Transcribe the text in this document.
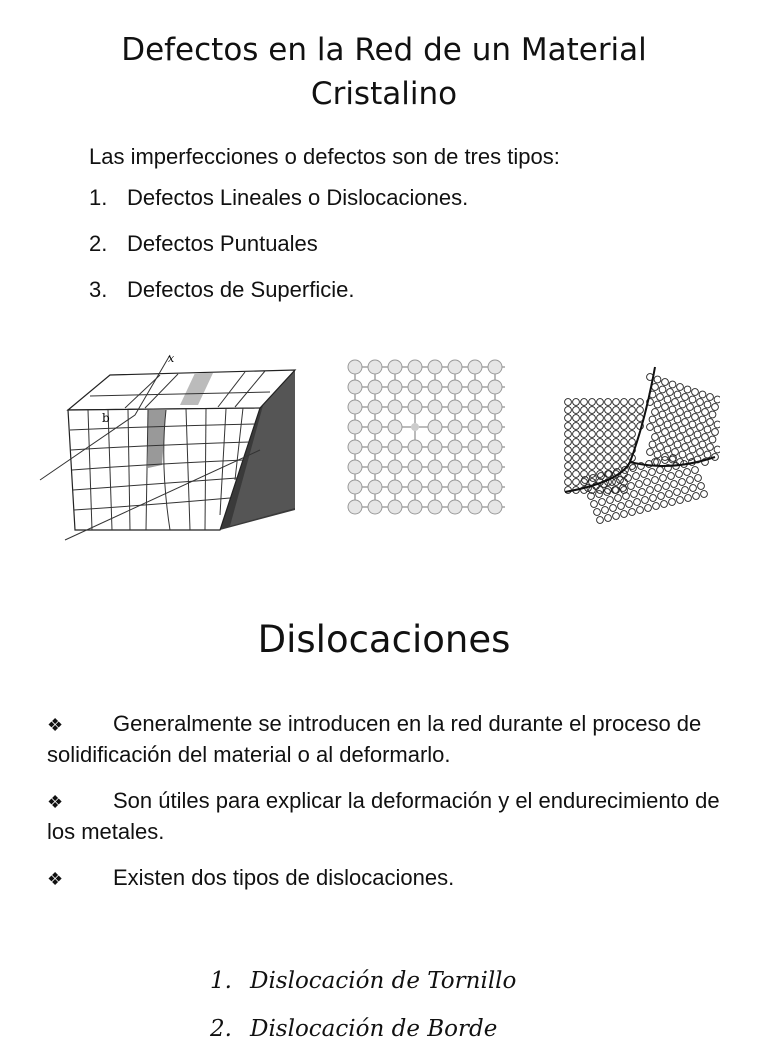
Defectos en la Red de un Material Cristalino

Las imperfecciones o defectos son de tres tipos:

1. Defectos Lineales o Dislocaciones.
2. Defectos Puntuales
3. Defectos de Superficie.
b
x
Dislocaciones
❖ Generalmente se introducen en la red durante el proceso de solidificación del material o al deformarlo.
❖ Son útiles para explicar la deformación y el endurecimiento de los metales.
❖ Existen dos tipos de dislocaciones.
1. Dislocación de Tornillo
2. Dislocación de Borde
